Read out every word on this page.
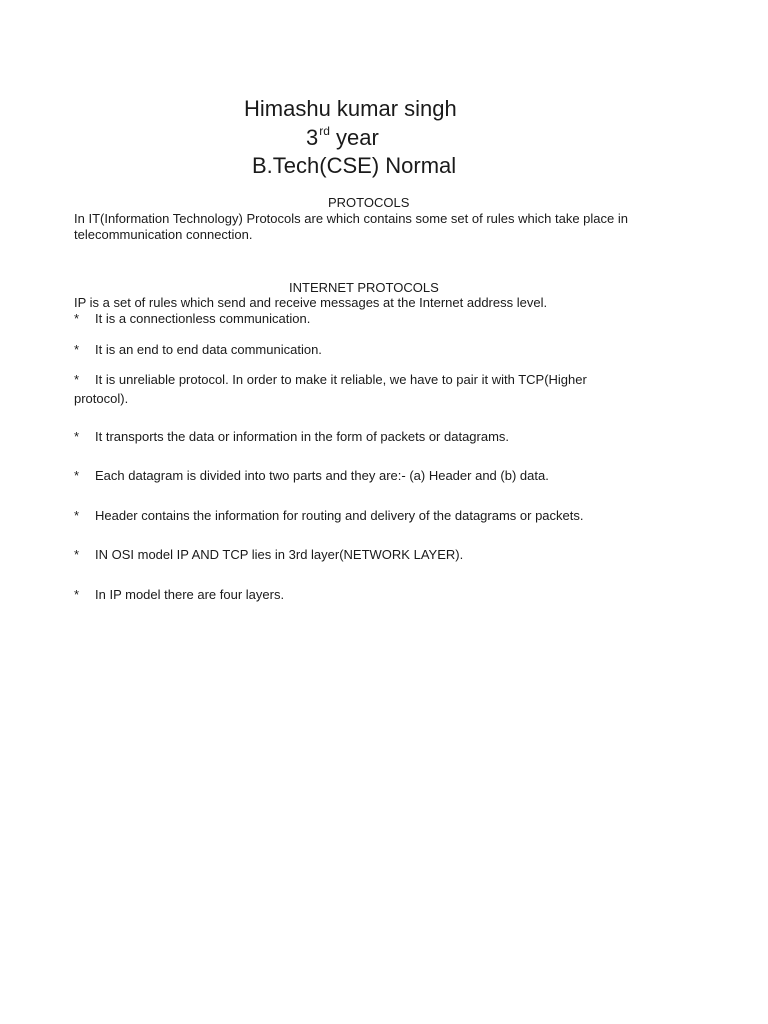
Himashu kumar singh
3rd year
B.Tech(CSE) Normal
PROTOCOLS
In IT(Information Technology) Protocols are which contains some set of rules which take place in telecommunication connection.
INTERNET PROTOCOLS
IP is a set of rules which send and receive messages at the Internet address level.
* It is a connectionless communication.
* It is an end to end data communication.
* It is unreliable protocol. In order to make it reliable, we have to pair it with TCP(Higher protocol).
* It transports the data or information in the form of packets or datagrams.
* Each datagram is divided into two parts and they are:- (a) Header and (b) data.
* Header contains the information for routing and delivery of the datagrams or packets.
* IN OSI model IP AND TCP lies in 3rd layer(NETWORK LAYER).
* In IP model there are four layers.
